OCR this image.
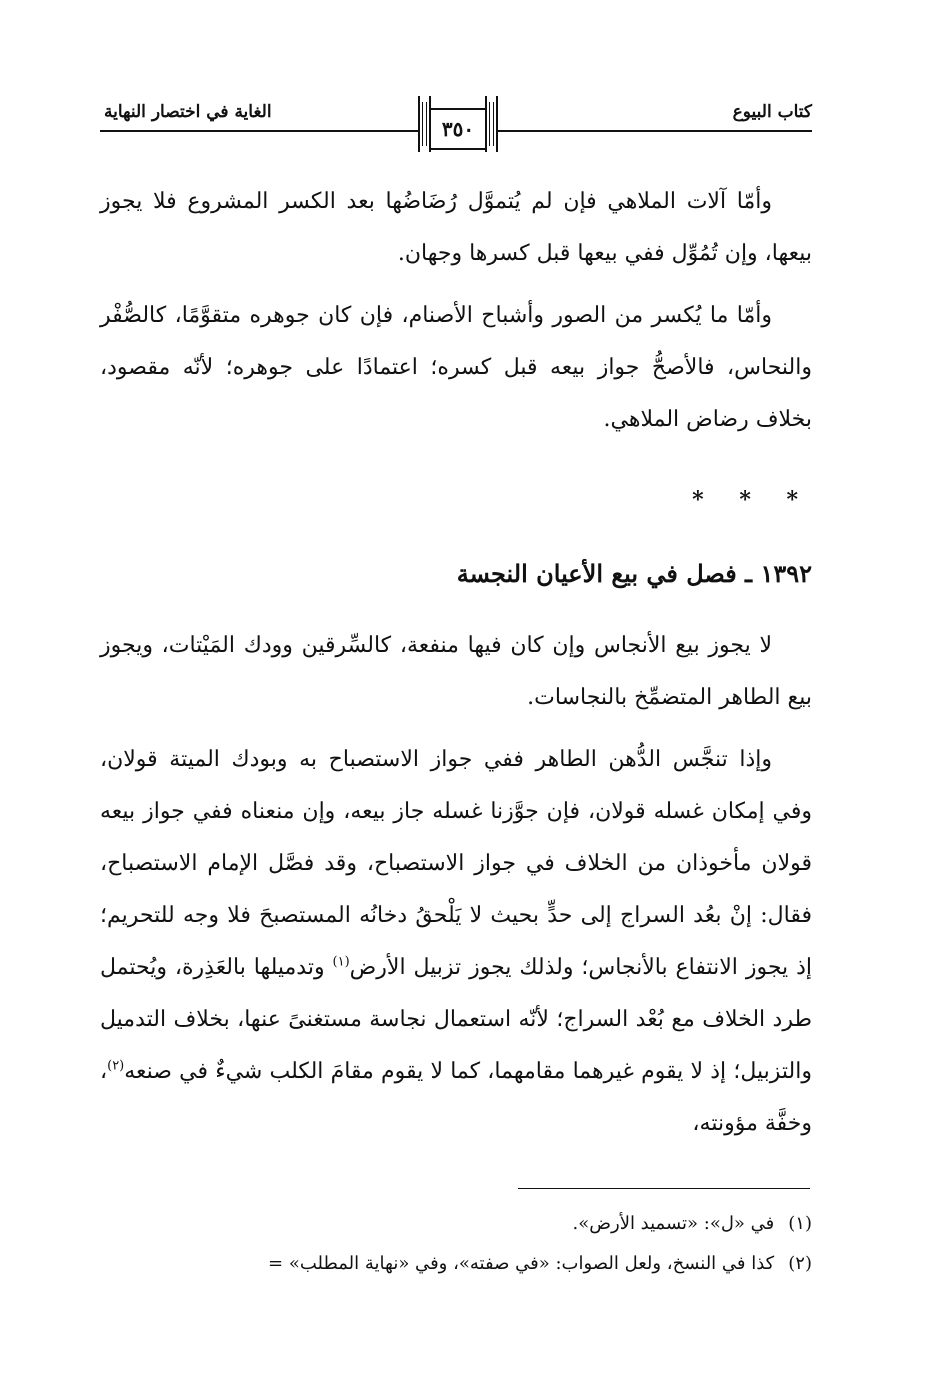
كتاب البيوع
الغاية في اختصار النهاية
٣٥٠

وأمّا آلات الملاهي فإن لم يُتموَّل رُضَاضُها بعد الكسر المشروع فلا يجوز بيعها، وإن تُمُوِّل ففي بيعها قبل كسرها وجهان.

وأمّا ما يُكسر من الصور وأشباح الأصنام، فإن كان جوهره متقوَّمًا، كالصُّفْر والنحاس، فالأصحُّ جواز بيعه قبل كسره؛ اعتمادًا على جوهره؛ لأنّه مقصود، بخلاف رضاض الملاهي.

* * *
١٣٩٢ ـ فصل في بيع الأعيان النجسة

لا يجوز بيع الأنجاس وإن كان فيها منفعة، كالسِّرقين وودك المَيْتات، ويجوز بيع الطاهر المتضمِّخ بالنجاسات.

وإذا تنجَّس الدُّهن الطاهر ففي جواز الاستصباح به وبودك الميتة قولان، وفي إمكان غسله قولان، فإن جوَّزنا غسله جاز بيعه، وإن منعناه ففي جواز بيعه قولان مأخوذان من الخلاف في جواز الاستصباح، وقد فصَّل الإمام الاستصباح، فقال: إنْ بعُد السراج إلى حدٍّ بحيث لا يَلْحقُ دخانُه المستصبحَ فلا وجه للتحريم؛ إذ يجوز الانتفاع بالأنجاس؛ ولذلك يجوز تزبيل الأرض$^{(١)}$ وتدميلها بالعَذِرة، ويُحتمل طرد الخلاف مع بُعْد السراج؛ لأنّه استعمال نجاسة مستغنىً عنها، بخلاف التدميل والتزبيل؛ إذ لا يقوم غيرهما مقامهما، كما لا يقوم مقامَ الكلب شيءٌ في صنعه$^{(٢)}$، وخفَّة مؤونته،

(١)في «ل»: «تسميد الأرض».

(٢)كذا في النسخ، ولعل الصواب: «في صفته»، وفي «نهاية المطلب» =
